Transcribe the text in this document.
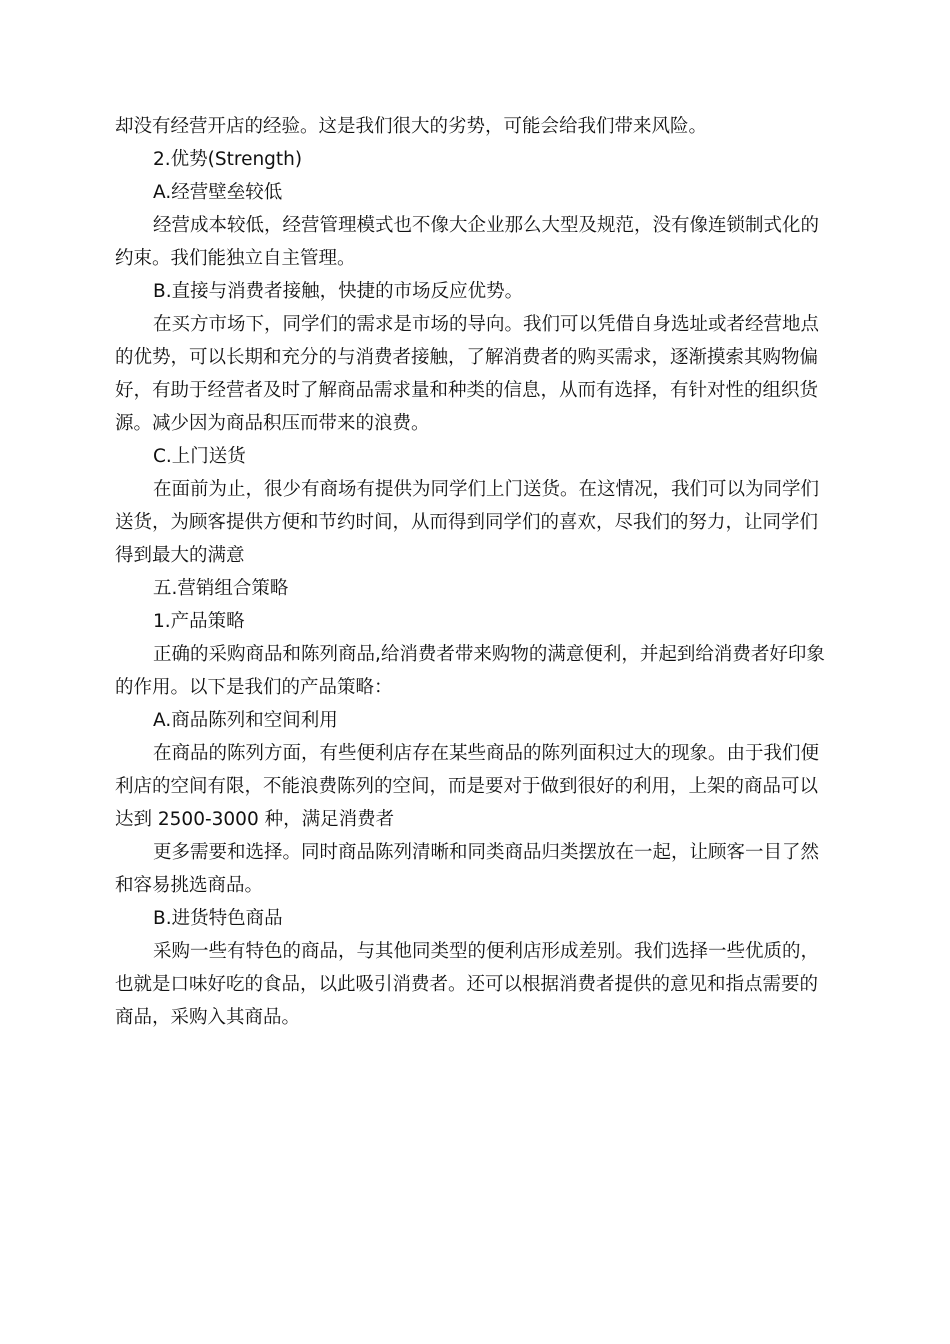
却没有经营开店的经验。这是我们很大的劣势，可能会给我们带来风险。

2.优势(Strength)

A.经营壁垒较低

经营成本较低，经营管理模式也不像大企业那么大型及规范，没有像连锁制式化的约束。我们能独立自主管理。

B.直接与消费者接触，快捷的市场反应优势。

在买方市场下，同学们的需求是市场的导向。我们可以凭借自身选址或者经营地点的优势，可以长期和充分的与消费者接触，了解消费者的购买需求，逐渐摸索其购物偏好，有助于经营者及时了解商品需求量和种类的信息，从而有选择，有针对性的组织货源。减少因为商品积压而带来的浪费。

C.上门送货

在面前为止，很少有商场有提供为同学们上门送货。在这情况，我们可以为同学们送货，为顾客提供方便和节约时间，从而得到同学们的喜欢，尽我们的努力，让同学们得到最大的满意

五.营销组合策略

1.产品策略

正确的采购商品和陈列商品,给消费者带来购物的满意便利，并起到给消费者好印象的作用。以下是我们的产品策略：

A.商品陈列和空间利用

在商品的陈列方面，有些便利店存在某些商品的陈列面积过大的现象。由于我们便利店的空间有限，不能浪费陈列的空间，而是要对于做到很好的利用，上架的商品可以达到 2500-3000 种，满足消费者

更多需要和选择。同时商品陈列清晰和同类商品归类摆放在一起，让顾客一目了然和容易挑选商品。

B.进货特色商品

采购一些有特色的商品，与其他同类型的便利店形成差别。我们选择一些优质的，也就是口味好吃的食品，以此吸引消费者。还可以根据消费者提供的意见和指点需要的商品，采购入其商品。
